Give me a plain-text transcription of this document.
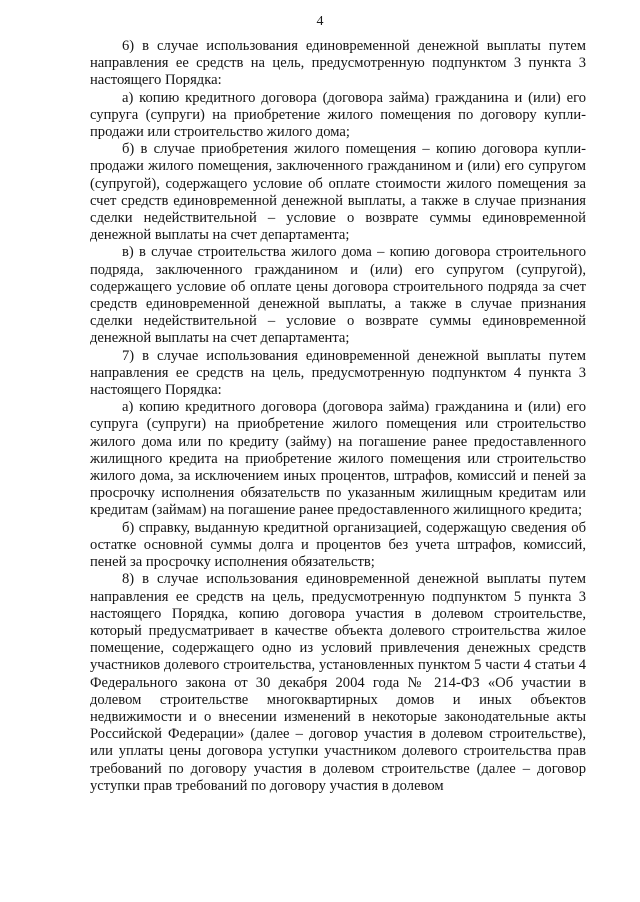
4

6) в случае использования единовременной денежной выплаты путем направления ее средств на цель, предусмотренную подпунктом 3 пункта 3 настоящего Порядка:

а) копию кредитного договора (договора займа) гражданина и (или) его супруга (супруги) на приобретение жилого помещения по договору купли-продажи или строительство жилого дома;

б) в случае приобретения жилого помещения – копию договора купли-продажи жилого помещения, заключенного гражданином и (или) его супругом (супругой), содержащего условие об оплате стоимости жилого помещения за счет средств единовременной денежной выплаты, а также в случае признания сделки недействительной – условие о возврате суммы единовременной денежной выплаты на счет департамента;

в) в случае строительства жилого дома – копию договора строительного подряда, заключенного гражданином и (или) его супругом (супругой), содержащего условие об оплате цены договора строительного подряда за счет средств единовременной денежной выплаты, а также в случае признания сделки недействительной – условие о возврате суммы единовременной денежной выплаты на счет департамента;

7) в случае использования единовременной денежной выплаты путем направления ее средств на цель, предусмотренную подпунктом 4 пункта 3 настоящего Порядка:

а) копию кредитного договора (договора займа) гражданина и (или) его супруга (супруги) на приобретение жилого помещения или строительство жилого дома или по кредиту (займу) на погашение ранее предоставленного жилищного кредита на приобретение жилого помещения или строительство жилого дома, за исключением иных процентов, штрафов, комиссий и пеней за просрочку исполнения обязательств по указанным жилищным кредитам или кредитам (займам) на погашение ранее предоставленного жилищного кредита;

б) справку, выданную кредитной организацией, содержащую сведения об остатке основной суммы долга и процентов без учета штрафов, комиссий, пеней за просрочку исполнения обязательств;

8) в случае использования единовременной денежной выплаты путем направления ее средств на цель, предусмотренную подпунктом 5 пункта 3 настоящего Порядка, копию договора участия в долевом строительстве, который предусматривает в качестве объекта долевого строительства жилое помещение, содержащего одно из условий привлечения денежных средств участников долевого строительства, установленных пунктом 5 части 4 статьи 4 Федерального закона от 30 декабря 2004 года № 214-ФЗ «Об участии в долевом строительстве многоквартирных домов и иных объектов недвижимости и о внесении изменений в некоторые законодательные акты Российской Федерации» (далее – договор участия в долевом строительстве), или уплаты цены договора уступки участником долевого строительства прав требований по договору участия в долевом строительстве (далее – договор уступки прав требований по договору участия в долевом
